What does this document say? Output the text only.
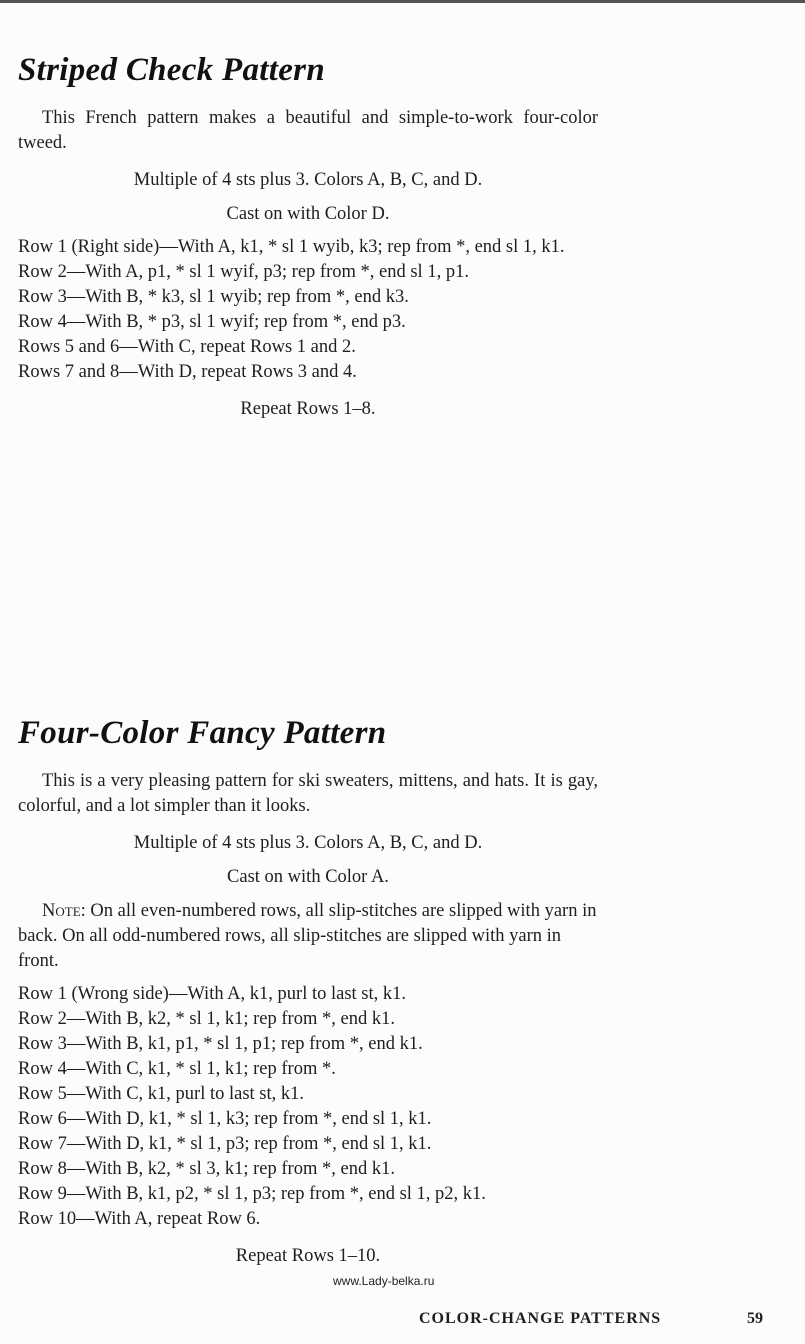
Striped Check Pattern

This French pattern makes a beautiful and simple-to-work four-color tweed.

Multiple of 4 sts plus 3. Colors A, B, C, and D.

Cast on with Color D.

Row 1 (Right side)—With A, k1, * sl 1 wyib, k3; rep from *, end sl 1, k1.
Row 2—With A, p1, * sl 1 wyif, p3; rep from *, end sl 1, p1.
Row 3—With B, * k3, sl 1 wyib; rep from *, end k3.
Row 4—With B, * p3, sl 1 wyif; rep from *, end p3.
Rows 5 and 6—With C, repeat Rows 1 and 2.
Rows 7 and 8—With D, repeat Rows 3 and 4.

Repeat Rows 1–8.

Four-Color Fancy Pattern

This is a very pleasing pattern for ski sweaters, mittens, and hats. It is gay, colorful, and a lot simpler than it looks.

Multiple of 4 sts plus 3. Colors A, B, C, and D.

Cast on with Color A.

Note: On all even-numbered rows, all slip-stitches are slipped with yarn in back. On all odd-numbered rows, all slip-stitches are slipped with yarn in front.

Row 1 (Wrong side)—With A, k1, purl to last st, k1.
Row 2—With B, k2, * sl 1, k1; rep from *, end k1.
Row 3—With B, k1, p1, * sl 1, p1; rep from *, end k1.
Row 4—With C, k1, * sl 1, k1; rep from *.
Row 5—With C, k1, purl to last st, k1.
Row 6—With D, k1, * sl 1, k3; rep from *, end sl 1, k1.
Row 7—With D, k1, * sl 1, p3; rep from *, end sl 1, k1.
Row 8—With B, k2, * sl 3, k1; rep from *, end k1.
Row 9—With B, k1, p2, * sl 1, p3; rep from *, end sl 1, p2, k1.
Row 10—With A, repeat Row 6.

Repeat Rows 1–10.

www.Lady-belka.ru
COLOR-CHANGE PATTERNS	59
